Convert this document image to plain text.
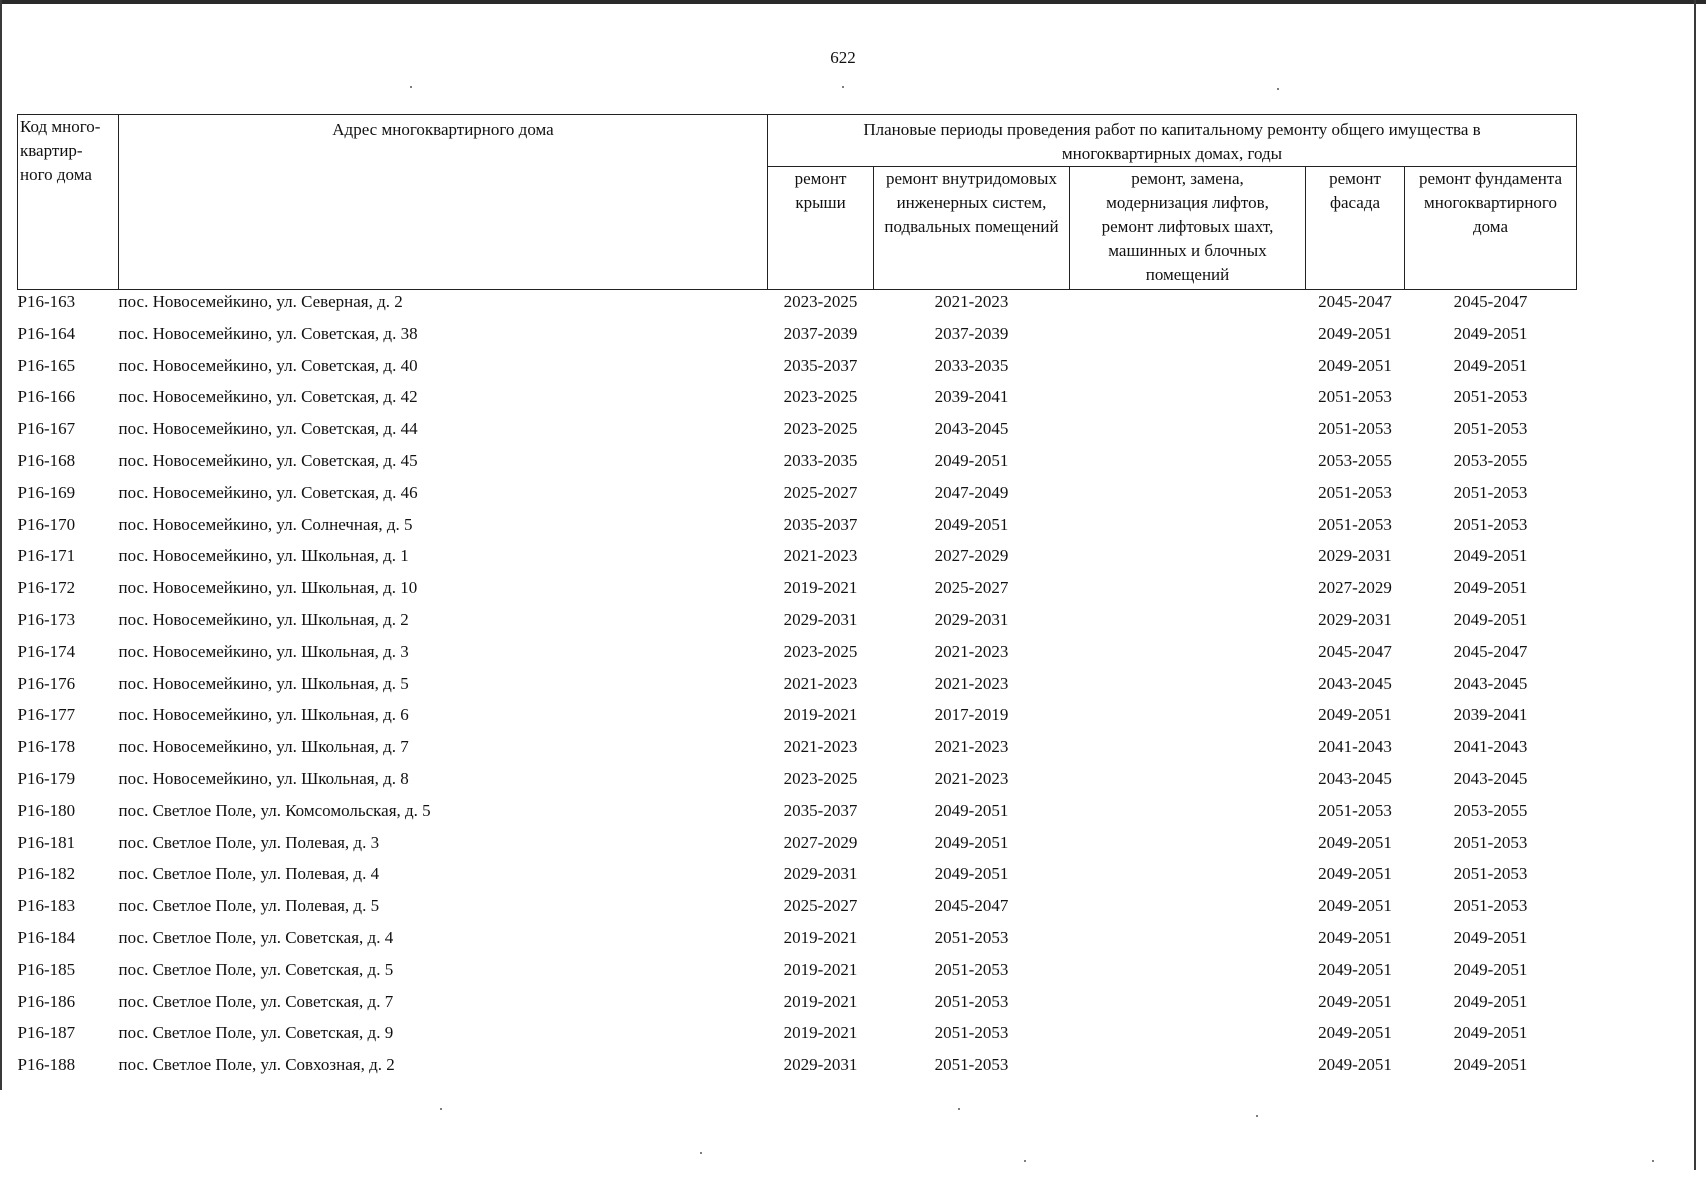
622
Код много-квартир-ного дома	Адрес многоквартирного дома	Плановые периоды проведения работ по капитальному ремонту общего имущества в многоквартирных домах, годы				
		ремонт крыши	ремонт внутридомовых инженерных систем, подвальных помещений	ремонт, замена, модернизация лифтов, ремонт лифтовых шахт, машинных и блочных помещений	ремонт фасада	ремонт фундамента многоквартирного дома
P16-163	пос. Новосемейкино, ул. Северная, д. 2	2023-2025	2021-2023		2045-2047	2045-2047
P16-164	пос. Новосемейкино, ул. Советская, д. 38	2037-2039	2037-2039		2049-2051	2049-2051
P16-165	пос. Новосемейкино, ул. Советская, д. 40	2035-2037	2033-2035		2049-2051	2049-2051
P16-166	пос. Новосемейкино, ул. Советская, д. 42	2023-2025	2039-2041		2051-2053	2051-2053
P16-167	пос. Новосемейкино, ул. Советская, д. 44	2023-2025	2043-2045		2051-2053	2051-2053
P16-168	пос. Новосемейкино, ул. Советская, д. 45	2033-2035	2049-2051		2053-2055	2053-2055
P16-169	пос. Новосемейкино, ул. Советская, д. 46	2025-2027	2047-2049		2051-2053	2051-2053
P16-170	пос. Новосемейкино, ул. Солнечная, д. 5	2035-2037	2049-2051		2051-2053	2051-2053
P16-171	пос. Новосемейкино, ул. Школьная, д. 1	2021-2023	2027-2029		2029-2031	2049-2051
P16-172	пос. Новосемейкино, ул. Школьная, д. 10	2019-2021	2025-2027		2027-2029	2049-2051
P16-173	пос. Новосемейкино, ул. Школьная, д. 2	2029-2031	2029-2031		2029-2031	2049-2051
P16-174	пос. Новосемейкино, ул. Школьная, д. 3	2023-2025	2021-2023		2045-2047	2045-2047
P16-176	пос. Новосемейкино, ул. Школьная, д. 5	2021-2023	2021-2023		2043-2045	2043-2045
P16-177	пос. Новосемейкино, ул. Школьная, д. 6	2019-2021	2017-2019		2049-2051	2039-2041
P16-178	пос. Новосемейкино, ул. Школьная, д. 7	2021-2023	2021-2023		2041-2043	2041-2043
P16-179	пос. Новосемейкино, ул. Школьная, д. 8	2023-2025	2021-2023		2043-2045	2043-2045
P16-180	пос. Светлое Поле, ул. Комсомольская, д. 5	2035-2037	2049-2051		2051-2053	2053-2055
P16-181	пос. Светлое Поле, ул. Полевая, д. 3	2027-2029	2049-2051		2049-2051	2051-2053
P16-182	пос. Светлое Поле, ул. Полевая, д. 4	2029-2031	2049-2051		2049-2051	2051-2053
P16-183	пос. Светлое Поле, ул. Полевая, д. 5	2025-2027	2045-2047		2049-2051	2051-2053
P16-184	пос. Светлое Поле, ул. Советская, д. 4	2019-2021	2051-2053		2049-2051	2049-2051
P16-185	пос. Светлое Поле, ул. Советская, д. 5	2019-2021	2051-2053		2049-2051	2049-2051
P16-186	пос. Светлое Поле, ул. Советская, д. 7	2019-2021	2051-2053		2049-2051	2049-2051
P16-187	пос. Светлое Поле, ул. Советская, д. 9	2019-2021	2051-2053		2049-2051	2049-2051
P16-188	пос. Светлое Поле, ул. Совхозная, д. 2	2029-2031	2051-2053		2049-2051	2049-2051
